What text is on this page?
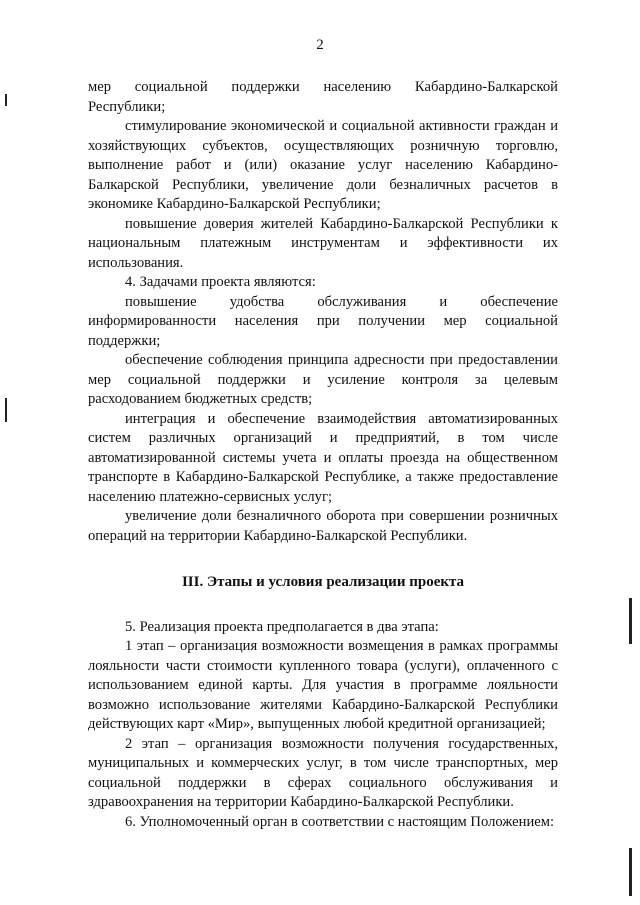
2

мер социальной поддержки населению Кабардино-Балкарской Республики;

стимулирование экономической и социальной активности граждан и хозяйствующих субъектов, осуществляющих розничную торговлю, выполнение работ и (или) оказание услуг населению Кабардино-Балкарской Республики, увеличение доли безналичных расчетов в экономике Кабардино-Балкарской Республики;

повышение доверия жителей Кабардино-Балкарской Республики к национальным платежным инструментам и эффективности их использования.

4. Задачами проекта являются:

повышение удобства обслуживания и обеспечение информированности населения при получении мер социальной поддержки;

обеспечение соблюдения принципа адресности при предоставлении мер социальной поддержки и усиление контроля за целевым расходованием бюджетных средств;

интеграция и обеспечение взаимодействия автоматизированных систем различных организаций и предприятий, в том числе автоматизированной системы учета и оплаты проезда на общественном транспорте в Кабардино-Балкарской Республике, а также предоставление населению платежно-сервисных услуг;

увеличение доли безналичного оборота при совершении розничных операций на территории Кабардино-Балкарской Республики.

III. Этапы и условия реализации проекта

5. Реализация проекта предполагается в два этапа:

1 этап – организация возможности возмещения в рамках программы лояльности части стоимости купленного товара (услуги), оплаченного с использованием единой карты. Для участия в программе лояльности возможно использование жителями Кабардино-Балкарской Республики действующих карт «Мир», выпущенных любой кредитной организацией;

2 этап – организация возможности получения государственных, муниципальных и коммерческих услуг, в том числе транспортных, мер социальной поддержки в сферах социального обслуживания и здравоохранения на территории Кабардино-Балкарской Республики.

6. Уполномоченный орган в соответствии с настоящим Положением:
